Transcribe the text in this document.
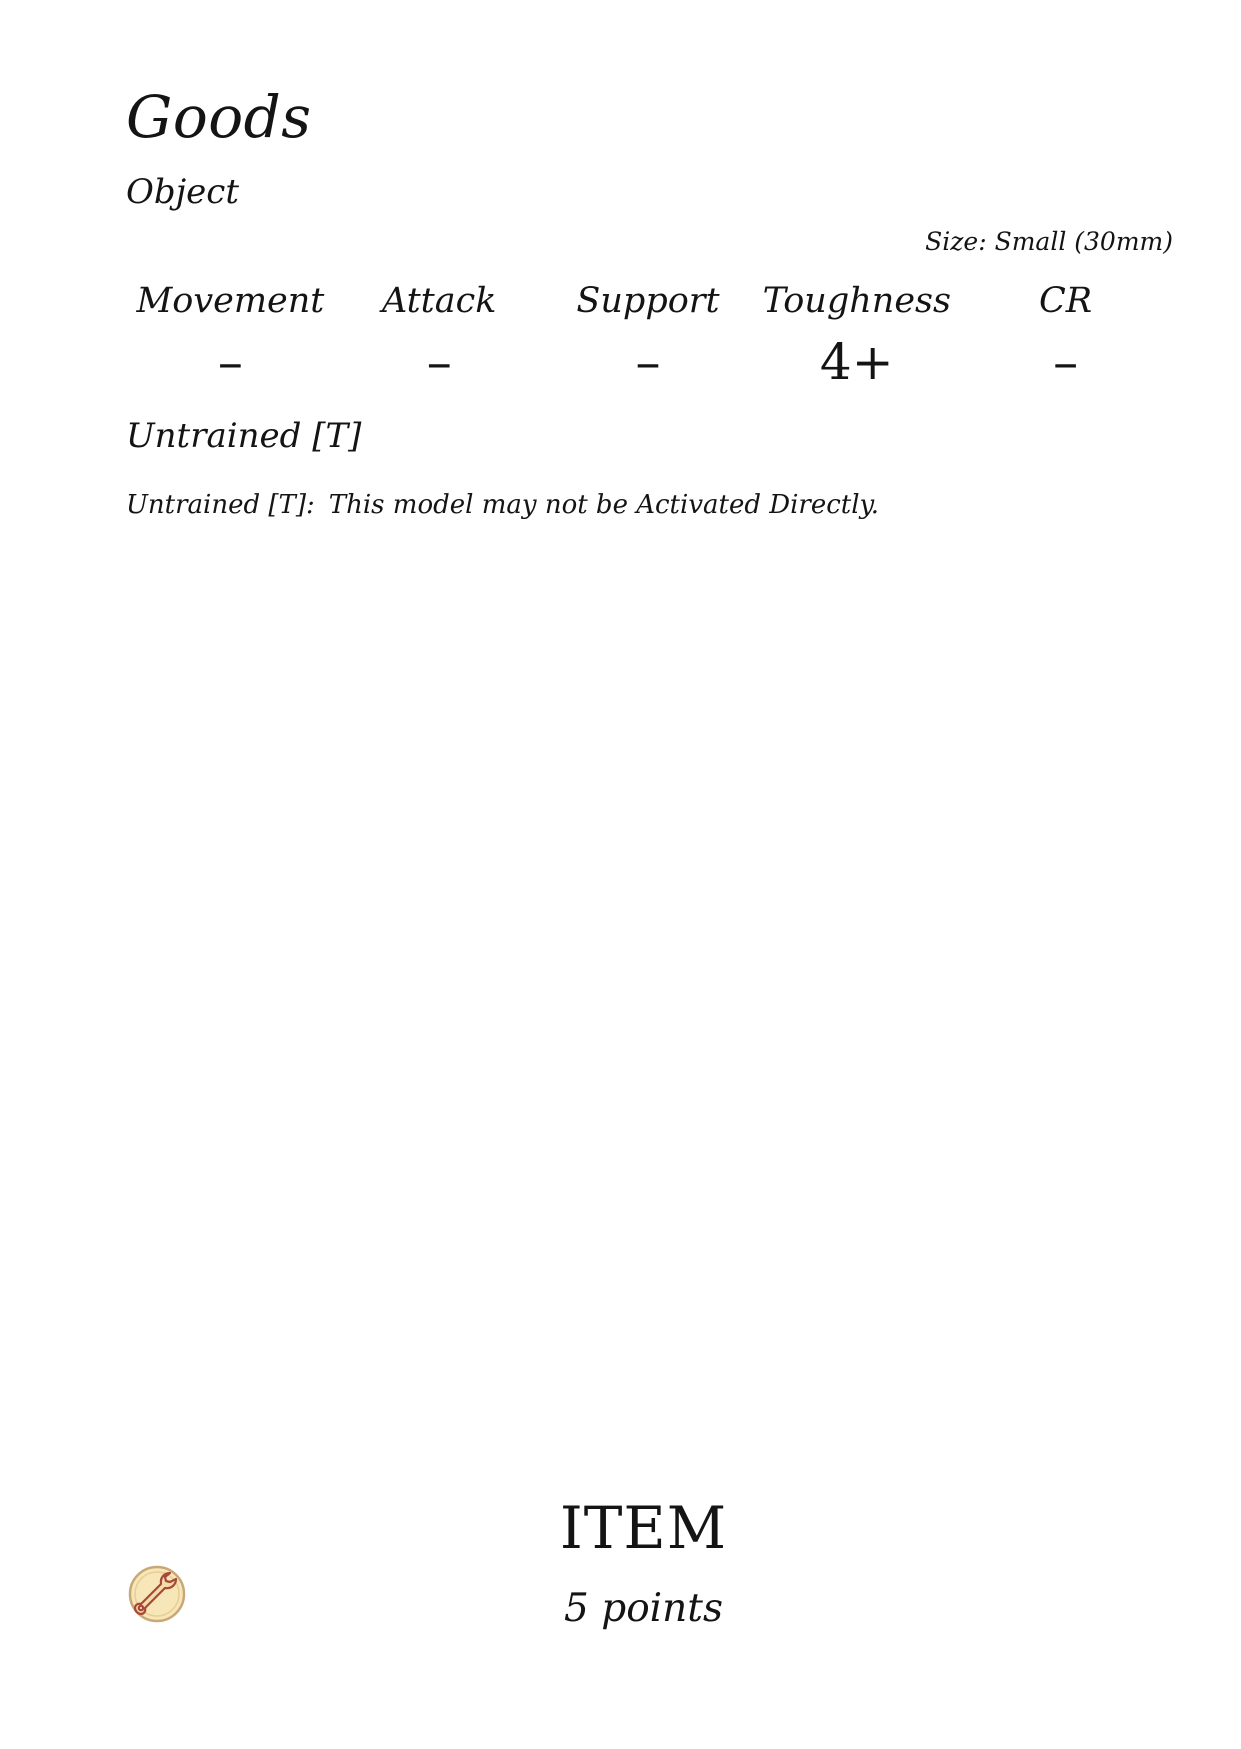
Goods
Object
Size: Small (30mm)
Movement
–
Attack
–
Support
–
Toughness
4+
CR
–
Untrained [T]
Untrained [T]: This model may not be Activated Directly.
ITEM
5 points
